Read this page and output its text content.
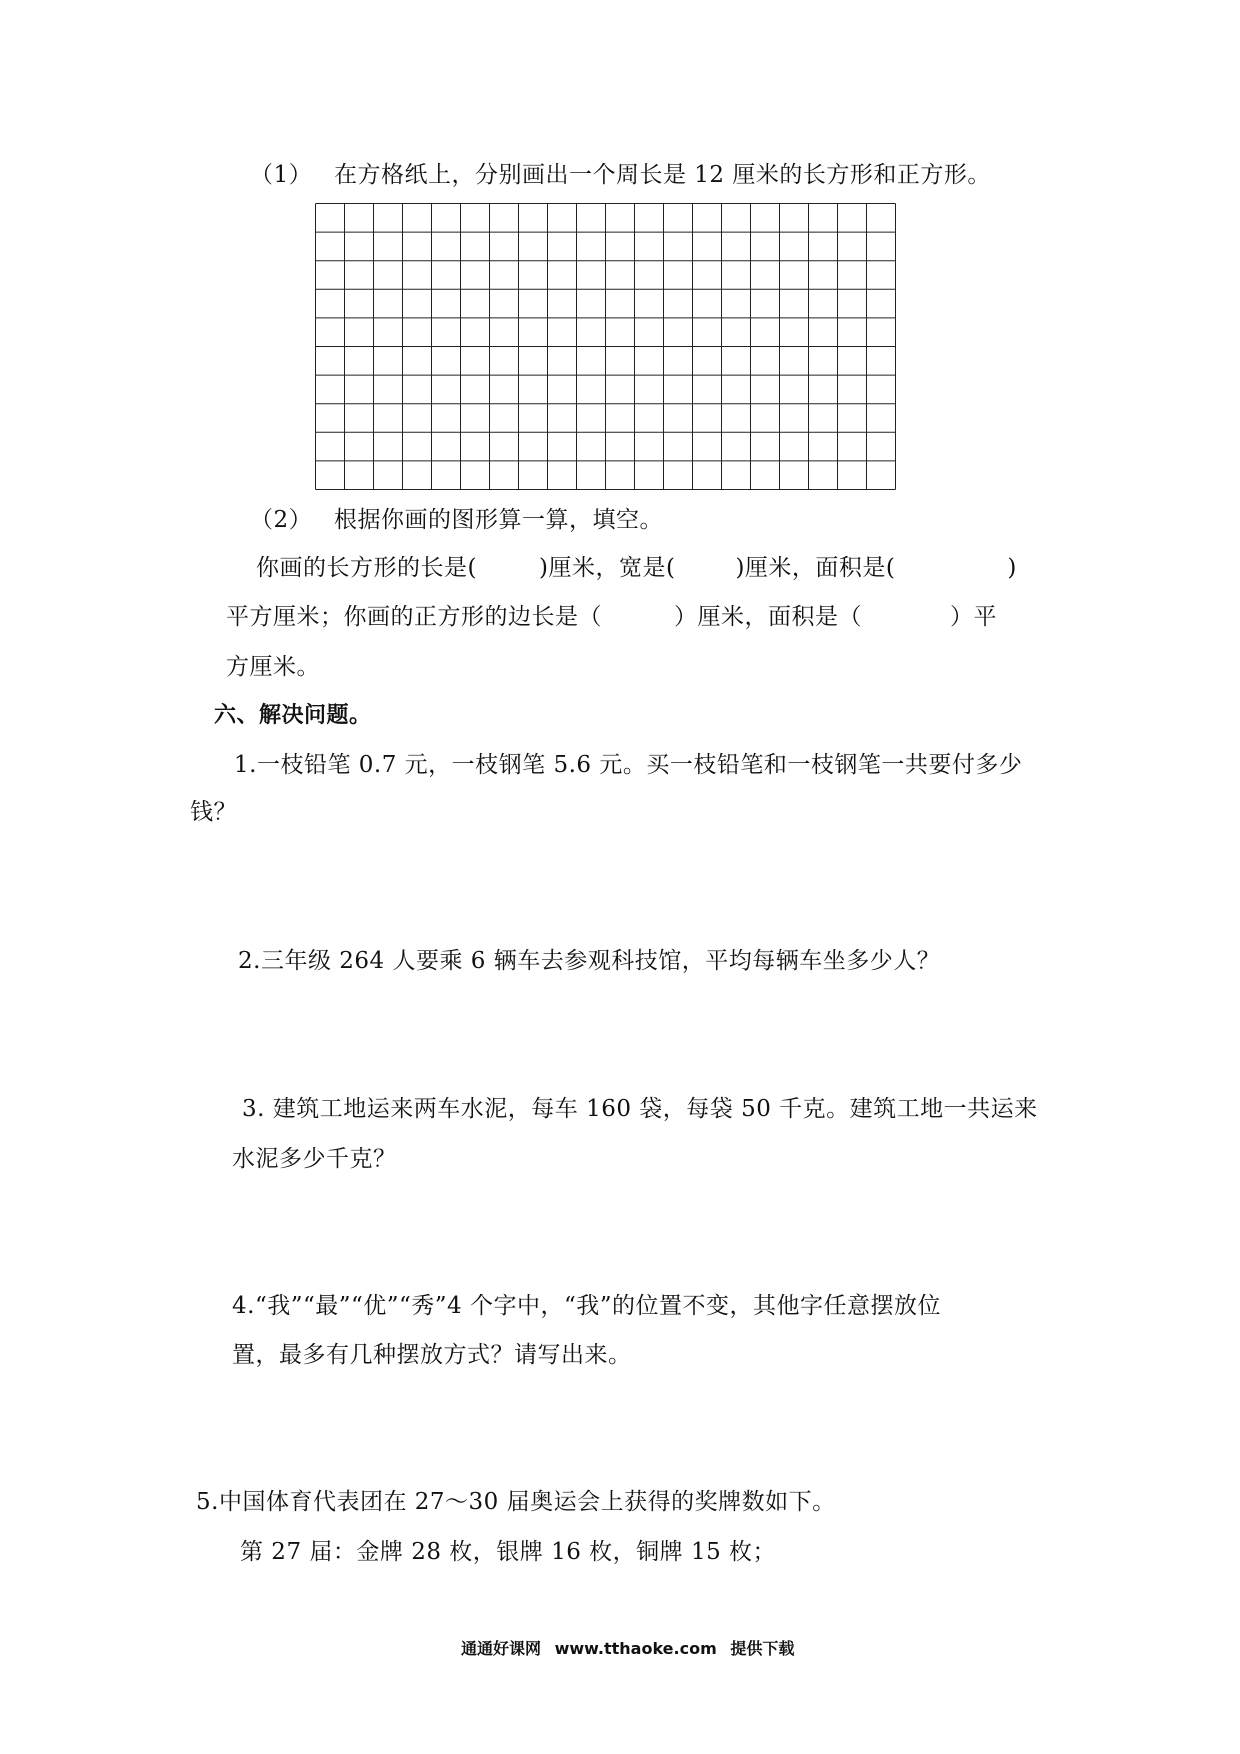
（1） 在方格纸上，分别画出一个周长是 12 厘米的长方形和正方形。
（2） 根据你画的图形算一算，填空。
你画的长方形的长是(	)厘米，宽是(	)厘米，面积是(	)
平方厘米；你画的正方形的边长是（	）厘米，面积是（	）平
方厘米。
六、解决问题。
1.一枝铅笔 0.7 元，一枝钢笔 5.6 元。买一枝铅笔和一枝钢笔一共要付多少
钱？
2.三年级 264 人要乘 6 辆车去参观科技馆，平均每辆车坐多少人？
3. 建筑工地运来两车水泥，每车 160 袋，每袋 50 千克。建筑工地一共运来
水泥多少千克？
4.“我”“最”“优”“秀”4 个字中，“我”的位置不变，其他字任意摆放位
置，最多有几种摆放方式？请写出来。
5.中国体育代表团在 27～30 届奥运会上获得的奖牌数如下。
第 27 届：金牌 28 枚，银牌 16 枚，铜牌 15 枚；
通通好课网 www.tthaoke.com 提供下载
